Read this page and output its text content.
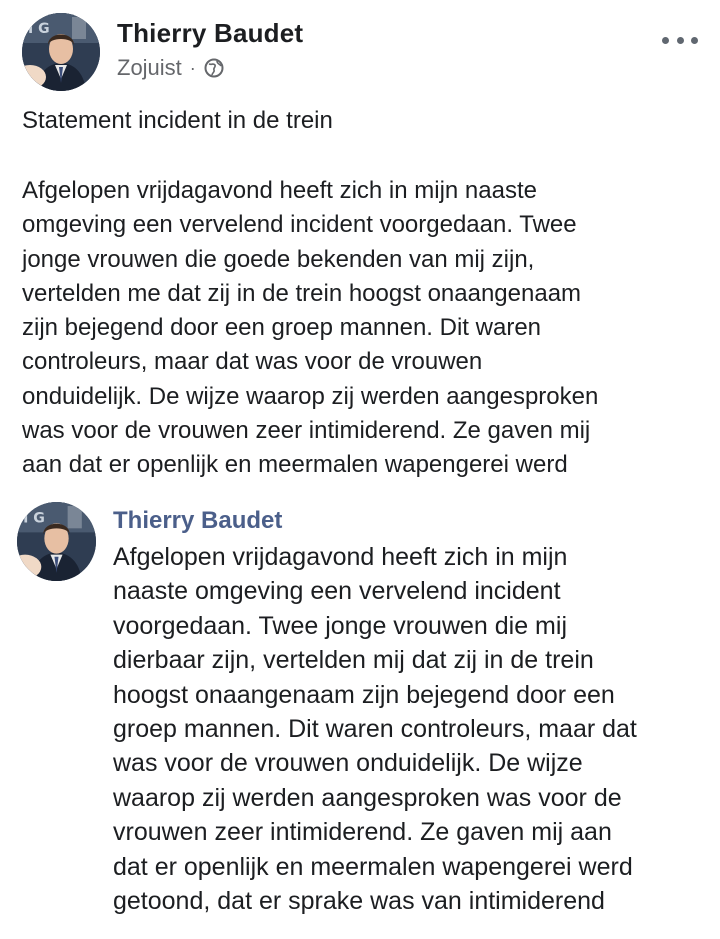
I G	Thierry Baudet
Zojuist ·
Statement incident in de trein
Afgelopen vrijdagavond heeft zich in mijn naaste
omgeving een vervelend incident voorgedaan. Twee
jonge vrouwen die goede bekenden van mij zijn,
vertelden me dat zij in de trein hoogst onaangenaam
zijn bejegend door een groep mannen. Dit waren
controleurs, maar dat was voor de vrouwen
onduidelijk. De wijze waarop zij werden aangesproken
was voor de vrouwen zeer intimiderend. Ze gaven mij
aan dat er openlijk en meermalen wapengerei werd
I G	Thierry Baudet
Afgelopen vrijdagavond heeft zich in mijn
naaste omgeving een vervelend incident
voorgedaan. Twee jonge vrouwen die mij
dierbaar zijn, vertelden mij dat zij in de trein
hoogst onaangenaam zijn bejegend door een
groep mannen. Dit waren controleurs, maar dat
was voor de vrouwen onduidelijk. De wijze
waarop zij werden aangesproken was voor de
vrouwen zeer intimiderend. Ze gaven mij aan
dat er openlijk en meermalen wapengerei werd
getoond, dat er sprake was van intimiderend
